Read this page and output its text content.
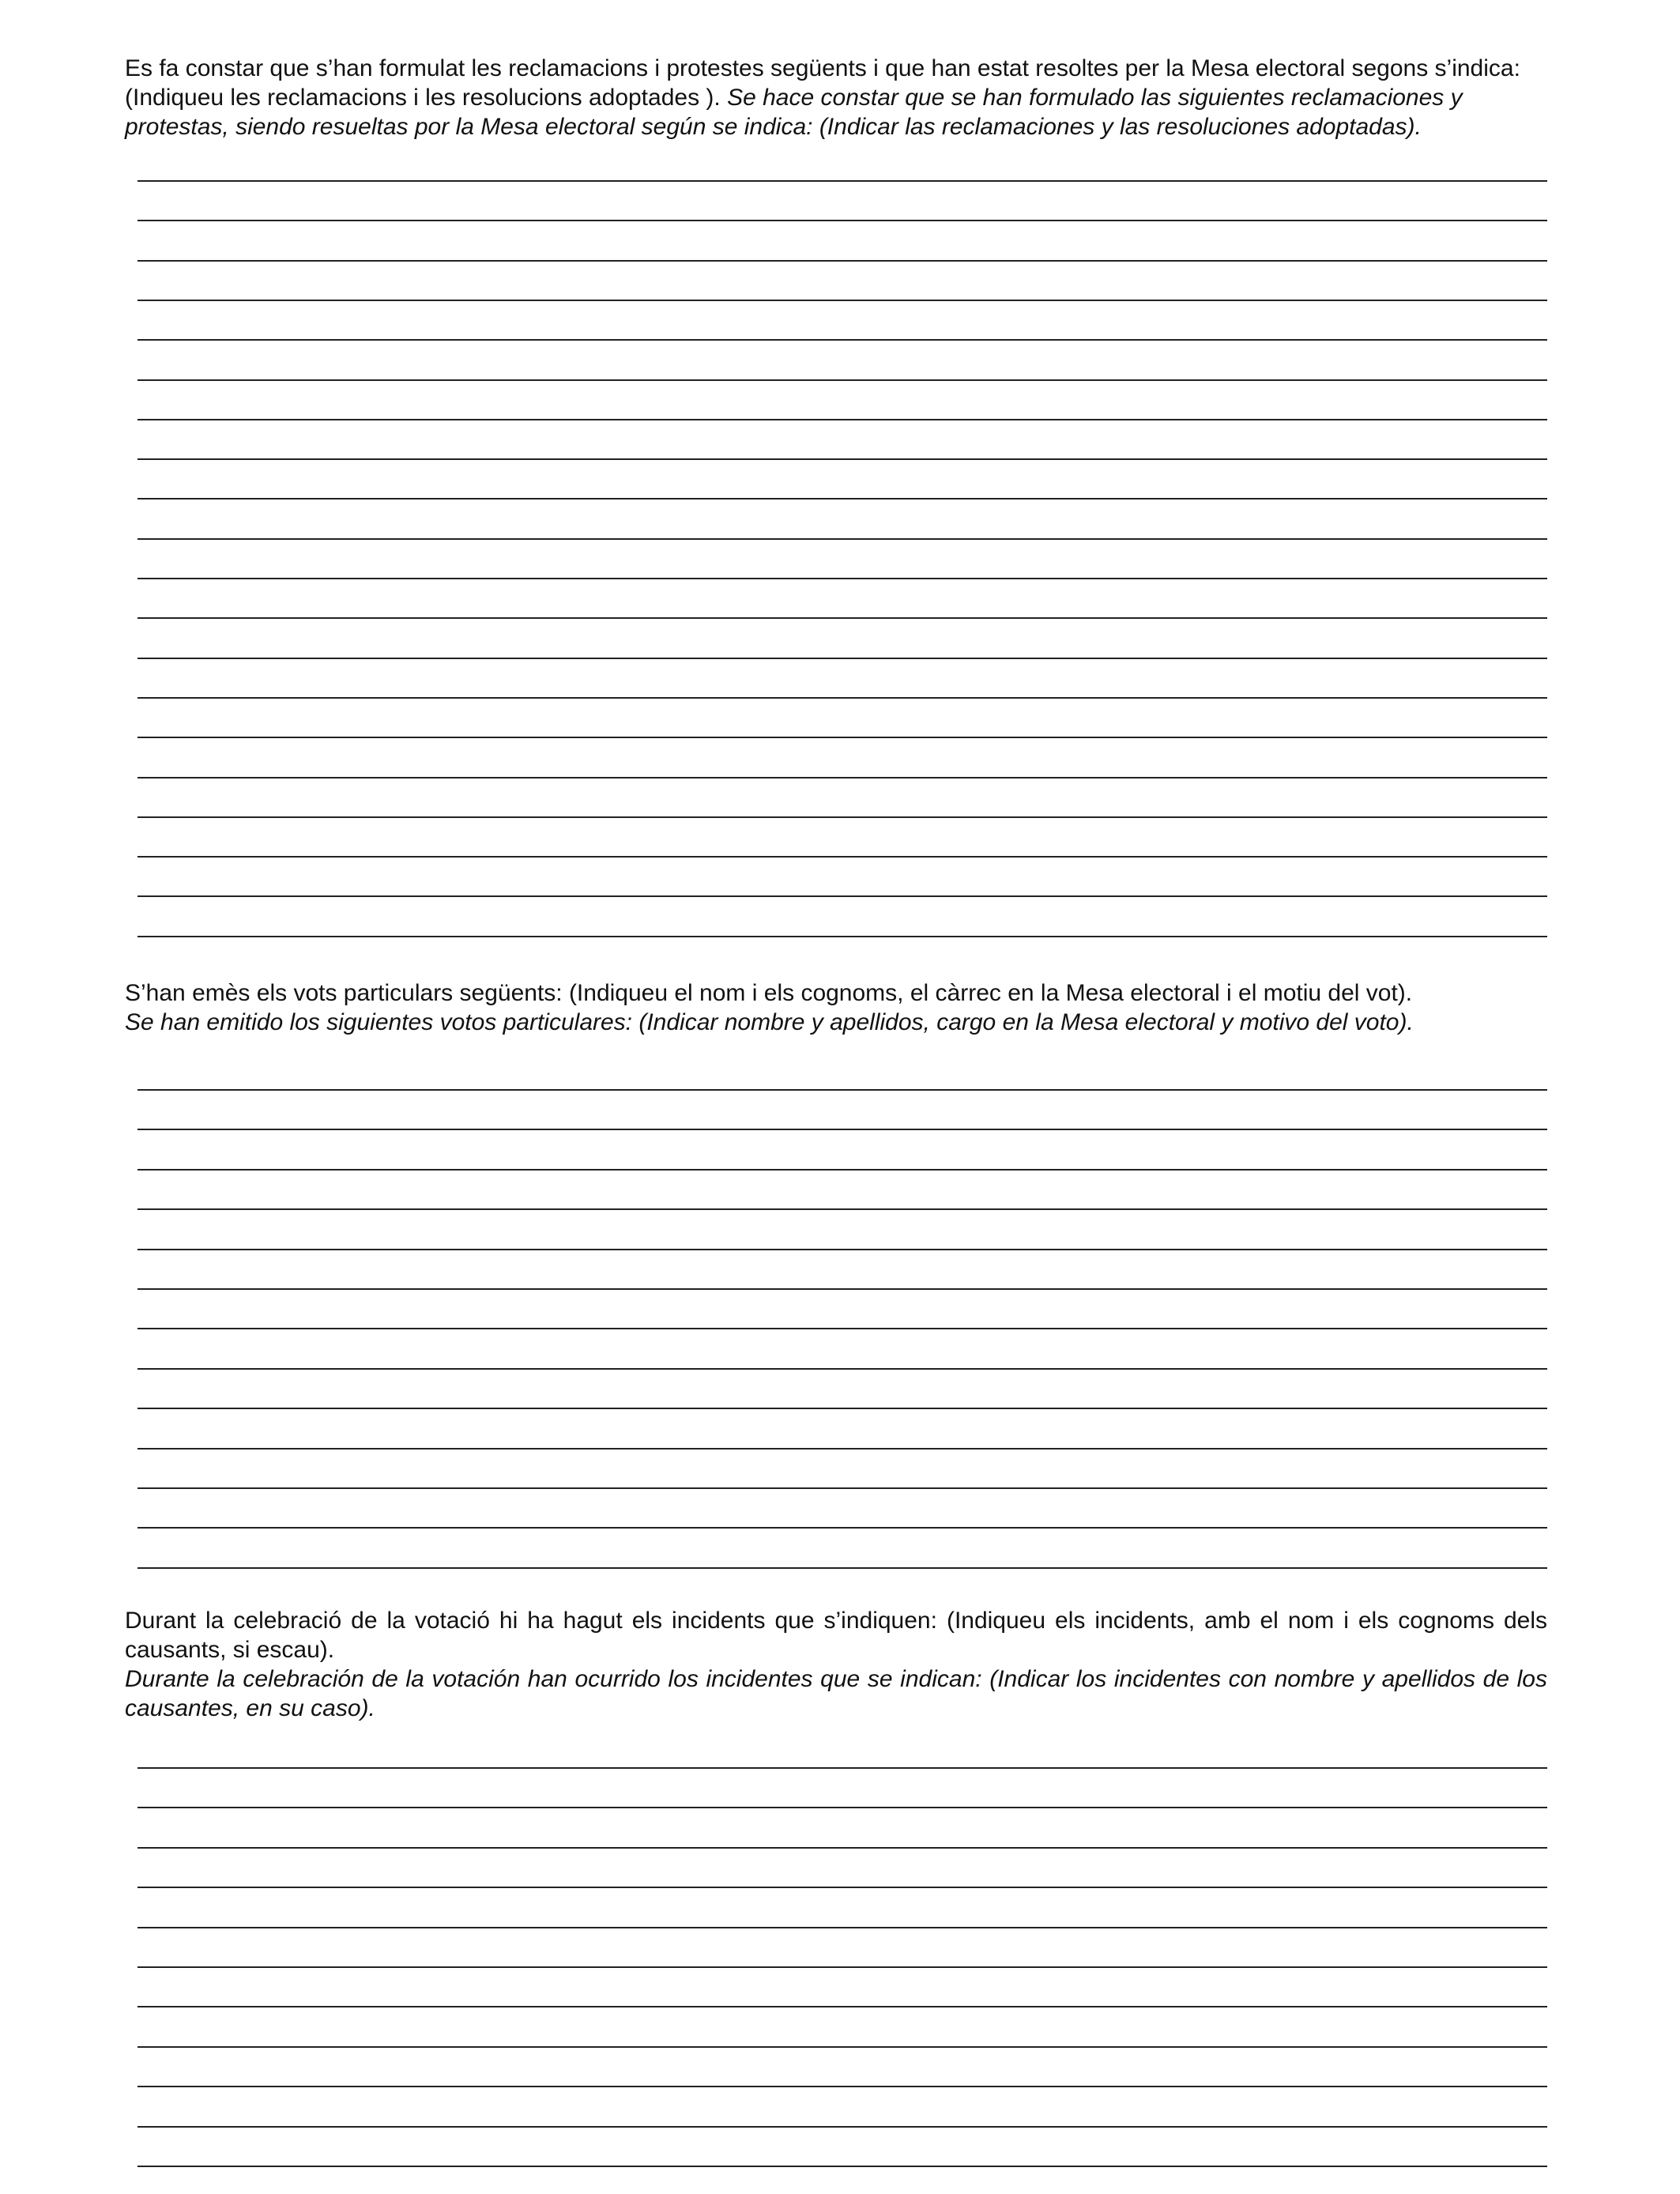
Es fa constar que s’han formulat les reclamacions i protestes següents i que han estat resoltes per la Mesa electoral segons s’indica: (Indiqueu les reclamacions i les resolucions adoptades ). Se hace constar que se han formulado las siguientes reclamaciones y protestas, siendo resueltas por la Mesa electoral según se indica: (Indicar las reclamaciones y las resoluciones adoptadas).
S’han emès els vots particulars següents: (Indiqueu el nom i els cognoms, el càrrec en la Mesa electoral i el motiu del vot).
Se han emitido los siguientes votos particulares: (Indicar nombre y apellidos, cargo en la Mesa electoral y motivo del voto).
Durant la celebració de la votació hi ha hagut els incidents que s’indiquen: (Indiqueu els incidents, amb el nom i els cognoms dels causants, si escau).
Durante la celebración de la votación han ocurrido los incidentes que se indican: (Indicar los incidentes con nombre y apellidos de los causantes, en su caso).
